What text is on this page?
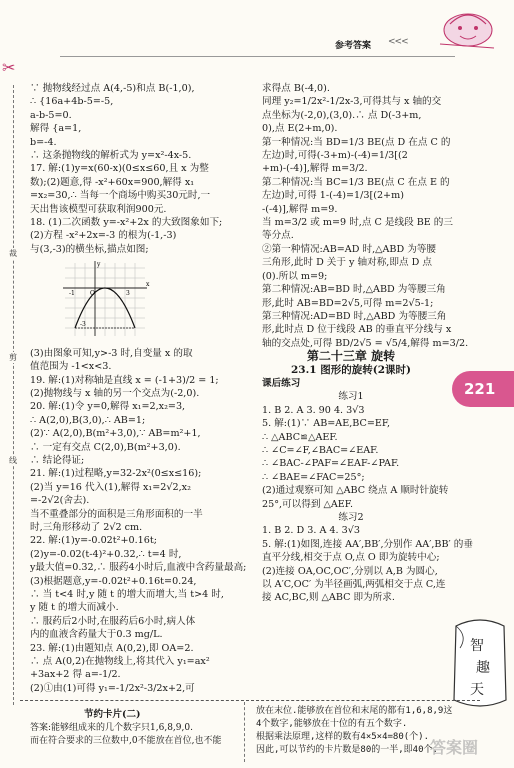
参考答案 <<<
✂
裁
剪
线

∵ 抛物线经过点 A(4,-5)和点 B(-1,0),

∴ {16a+4b-5=-5,

a-b-5=0.

解得 {a=1,

b=-4.

∴ 这条抛物线的解析式为 y=x²-4x-5.

17. 解:(1)y=x(60-x)(0≤x≤60,且 x 为整

数);(2)题意,得 -x²+60x=900,解得 x₁

=x₂=30,∴ 当每一个商场中购买30元时,一

天出售该模型可获取利润900元.

18. (1)二次函数 y=-x²+2x 的大致图象如下;

(2)方程 -x²+2x=-3 的根为(-1,-3)

与(3,-3)的横坐标,描点如图;

x
y
O
-1	3
-3

(3)由图象可知,y>-3 时,自变量 x 的取

值范围为 -1<x<3.

19. 解:(1)对称轴是直线 x = (-1+3)/2 = 1;

(2)抛物线与 x 轴的另一个交点为(-2,0).

20. 解:(1)令 y=0,解得 x₁=2,x₂=3,

∴ A(2,0),B(3,0),∴ AB=1;

(2)∵ A(2,0),B(m²+3,0),∵ AB=m²+1,

∴ 一定有交点 C(2,0),B(m²+3,0).

∴ 结论得证;

21. 解:(1)过程略,y=32-2x²(0≤x≤16);

(2)当 y=16 代入(1),解得 x₁=2√2,x₂

=-2√2(舍去).

当不重叠部分的面积是三角形面积的一半

时,三角形移动了 2√2 cm.

22. 解:(1)y=-0.02t²+0.16t;

(2)y=-0.02(t-4)²+0.32,∴ t=4 时,

y最大值=0.32,∴ 服药4小时后,血液中含药量最高;

(3)根据题意,y=-0.02t²+0.16t=0.24,

∴ 当 t<4 时,y 随 t 的增大而增大,当 t>4 时,

y 随 t 的增大而减小.

∴ 服药后2小时,在服药后6小时,病人体

内的血液含药量大于0.3 mg/L.

23. 解:(1)由题知点 A(0,2),即 OA=2.

∴ 点 A(0,2)在抛物线上,将其代入 y₁=ax²

+3ax+2 得 a=-1/2.

(2)①由(1)可得 y₁=-1/2x²-3/2x+2,可

求得点 B(-4,0).

同理 y₂=1/2x²-1/2x-3,可得其与 x 轴的交

点坐标为(-2,0),(3,0).∴ 点 D(-3+m,

0),点 E(2+m,0).

第一种情况:当 BD=1/3 BE(点 D 在点 C 的

左边)时,可得(-3+m)-(-4)=1/3[(2

+m)-(-4)],解得 m=3/2.

第二种情况:当 BC=1/3 BE(点 C 在点 E 的

左边)时,可得 1-(-4)=1/3[(2+m)

-(-4)],解得 m=9.

当 m=3/2 或 m=9 时,点 C 是线段 BE 的三

等分点.

②第一种情况:AB=AD 时,△ABD 为等腰

三角形,此时 D 关于 y 轴对称,即点 D 点

(0).所以 m=9;

第二种情况:AB=BD 时,△ABD 为等腰三角

形,此时 AB=BD=2√5,可得 m=2√5-1;

第三种情况:AD=BD 时,△ABD 为等腰三角

形,此时点 D 位于线段 AB 的垂直平分线与 x

轴的交点处,可得 BD/2√5 = √5/4,解得 m=3/2.

第二十三章 旋转

23.1 图形的旋转(2课时)

课后练习

练习1

1. B 2. A 3. 90 4. 3√3

5. 解:(1)∵ AB=AE,BC=EF,

∴ △ABC≌△AEF.

∴ ∠C=∠F,∠BAC=∠EAF.

∴ ∠BAC-∠PAF=∠EAF-∠PAF.

∴ ∠BAE=∠FAC=25°;

(2)通过观察可知 △ABC 绕点 A 顺时针旋转

25°,可以得到 △AEF.

练习2

1. B 2. D 3. A 4. 3√3

5. 解:(1)如图,连接 AA′,BB′,分别作 AA′,BB′ 的垂

直平分线,相交于点 O,点 O 即为旋转中心;

(2)连接 OA,OC,OC′,分别以 A,B 为圆心,

以 A′C,OC′ 为半径画弧,两弧相交于点 C,连

接 AC,BC,则 △ABC 即为所求.

221
智
趣
天
节约卡片(二)

答案:能够组成来的几个数字只1,6,8,9,0.

而在符合要求的三位数中,0不能放在首位,也不能

放在末位.能够放在首位和末尾的都有1,6,8,9这

4个数字,能够放在十位的有五个数字.

根据乘法原理,这样的数有4×5×4=80(个).

因此,可以节约的卡片数是80的一半,即40个.

答案圈
